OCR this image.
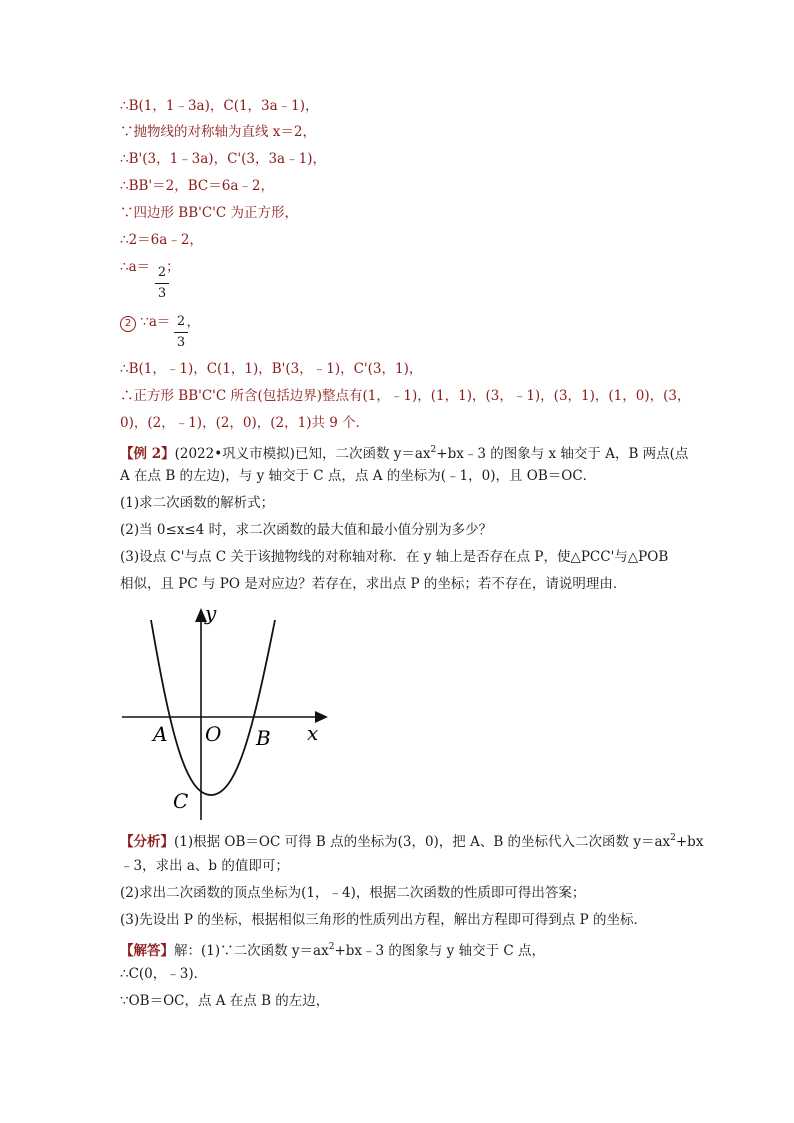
∴B(1，1﹣3a)，C(1，3a﹣1)，
∵抛物线的对称轴为直线 x＝2，
∴B'(3，1﹣3a)，C'(3，3a﹣1)，
∴BB'＝2，BC＝6a﹣2，
∵四边形 BB'C'C 为正方形，
∴2＝6a﹣2，
∴a＝ ；
2
3
2 ∵a＝ ，
2
3
∴B(1，﹣1)，C(1，1)，B'(3，﹣1)，C'(3，1)，
∴正方形 BB'C'C 所含(包括边界)整点有(1，﹣1)，(1，1)，(3，﹣1)，(3，1)，(1，0)，(3，
0)，(2，﹣1)，(2，0)，(2，1)共 9 个．
【例 2】(2022•巩义市模拟)已知，二次函数 $y=ax^2+bx﹣3$ 的图象与 x 轴交于 A，B 两点(点
A 在点 B 的左边)，与 y 轴交于 C 点，点 A 的坐标为(﹣1，0)，且 OB＝OC．
(1)求二次函数的解析式；
(2)当 0≤x≤4 时，求二次函数的最大值和最小值分别为多少？
(3)设点 C'与点 C 关于该抛物线的对称轴对称．在 y 轴上是否存在点 P，使△PCC'与△POB
相似，且 PC 与 PO 是对应边？若存在，求出点 P 的坐标；若不存在，请说明理由．
y
x
A O B
C
【分析】(1)根据 OB＝OC 可得 B 点的坐标为(3，0)，把 A、B 的坐标代入二次函数 $y=ax^2+bx$
﹣3，求出 a、b 的值即可；
(2)求出二次函数的顶点坐标为(1，﹣4)，根据二次函数的性质即可得出答案；
(3)先设出 P 的坐标，根据相似三角形的性质列出方程，解出方程即可得到点 P 的坐标．
【解答】解：(1)∵二次函数 $y=ax^2+bx﹣3$ 的图象与 y 轴交于 C 点，
∴C(0，﹣3)．
∵OB＝OC，点 A 在点 B 的左边，
